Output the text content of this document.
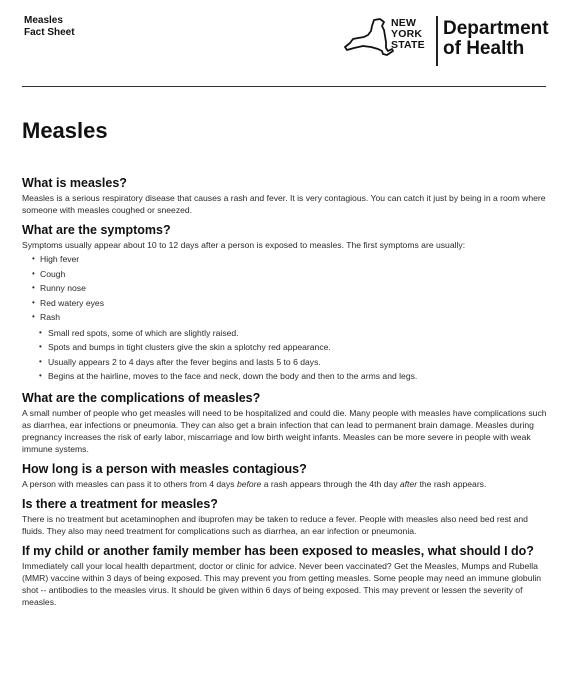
Measles
Fact Sheet
NEW
YORK
STATE
Department
of Health
Measles
What is measles?

Measles is a serious respiratory disease that causes a rash and fever. It is very contagious. You can catch it just by being in a room where someone with measles coughed or sneezed.

What are the symptoms?

Symptoms usually appear about 10 to 12 days after a person is exposed to measles. The first symptoms are usually:

• High fever
• Cough
• Runny nose
• Red watery eyes
• Rash
• Small red spots, some of which are slightly raised.
• Spots and bumps in tight clusters give the skin a splotchy red appearance.
• Usually appears 2 to 4 days after the fever begins and lasts 5 to 6 days.
• Begins at the hairline, moves to the face and neck, down the body and then to the arms and legs.
What are the complications of measles?

A small number of people who get measles will need to be hospitalized and could die. Many people with measles have complications such as diarrhea, ear infections or pneumonia. They can also get a brain infection that can lead to permanent brain damage. Measles during pregnancy increases the risk of early labor, miscarriage and low birth weight infants. Measles can be more severe in people with weak immune systems.

How long is a person with measles contagious?

A person with measles can pass it to others from 4 days before a rash appears through the 4th day after the rash appears.

Is there a treatment for measles?

There is no treatment but acetaminophen and ibuprofen may be taken to reduce a fever. People with measles also need bed rest and fluids. They also may need treatment for complications such as diarrhea, an ear infection or pneumonia.

If my child or another family member has been exposed to measles, what should I do?

Immediately call your local health department, doctor or clinic for advice. Never been vaccinated? Get the Measles, Mumps and Rubella (MMR) vaccine within 3 days of being exposed. This may prevent you from getting measles. Some people may need an immune globulin shot -- antibodies to the measles virus. It should be given within 6 days of being exposed. This may prevent or lessen the severity of measles.
